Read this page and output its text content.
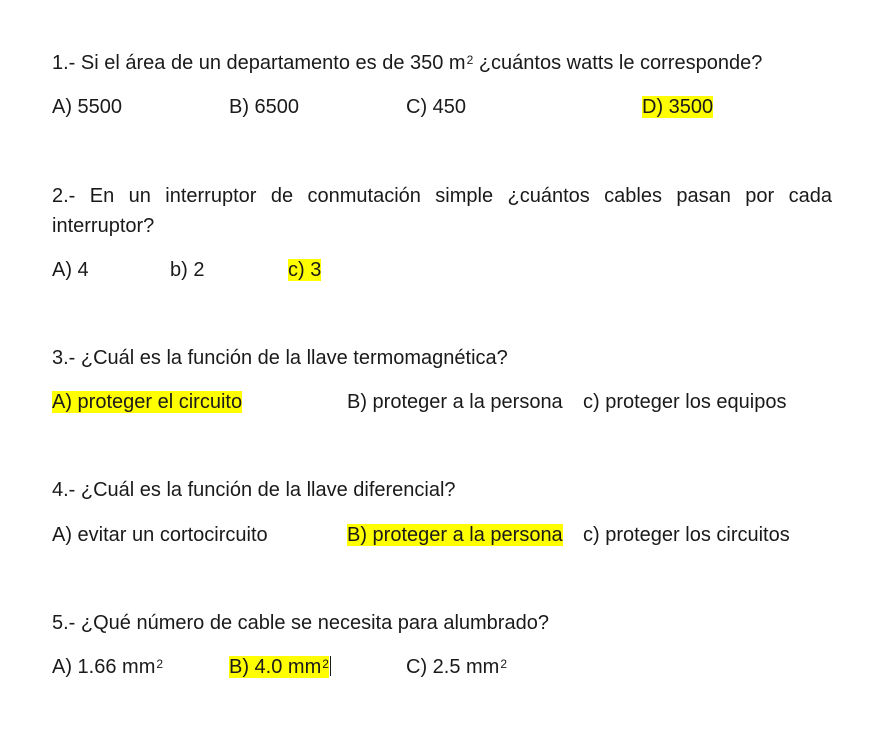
1.- Si el área de un departamento es de 350 $m^2$ ¿cuántos watts le corresponde?

A) 5500	B) 6500	C) 450	D) 3500

2.- En un interruptor de conmutación simple ¿cuántos cables pasan por cada interruptor?

A) 4	b) 2	c) 3

3.- ¿Cuál es la función de la llave termomagnética?

A) proteger el circuito	B) proteger a la persona c) proteger los equipos

4.- ¿Cuál es la función de la llave diferencial?

A) evitar un cortocircuito	B) proteger a la persona c) proteger los circuitos

5.- ¿Qué número de cable se necesita para alumbrado?

A) 1.66 $mm^2$	B) 4.0 $mm^2$	C) 2.5 $mm^2$
